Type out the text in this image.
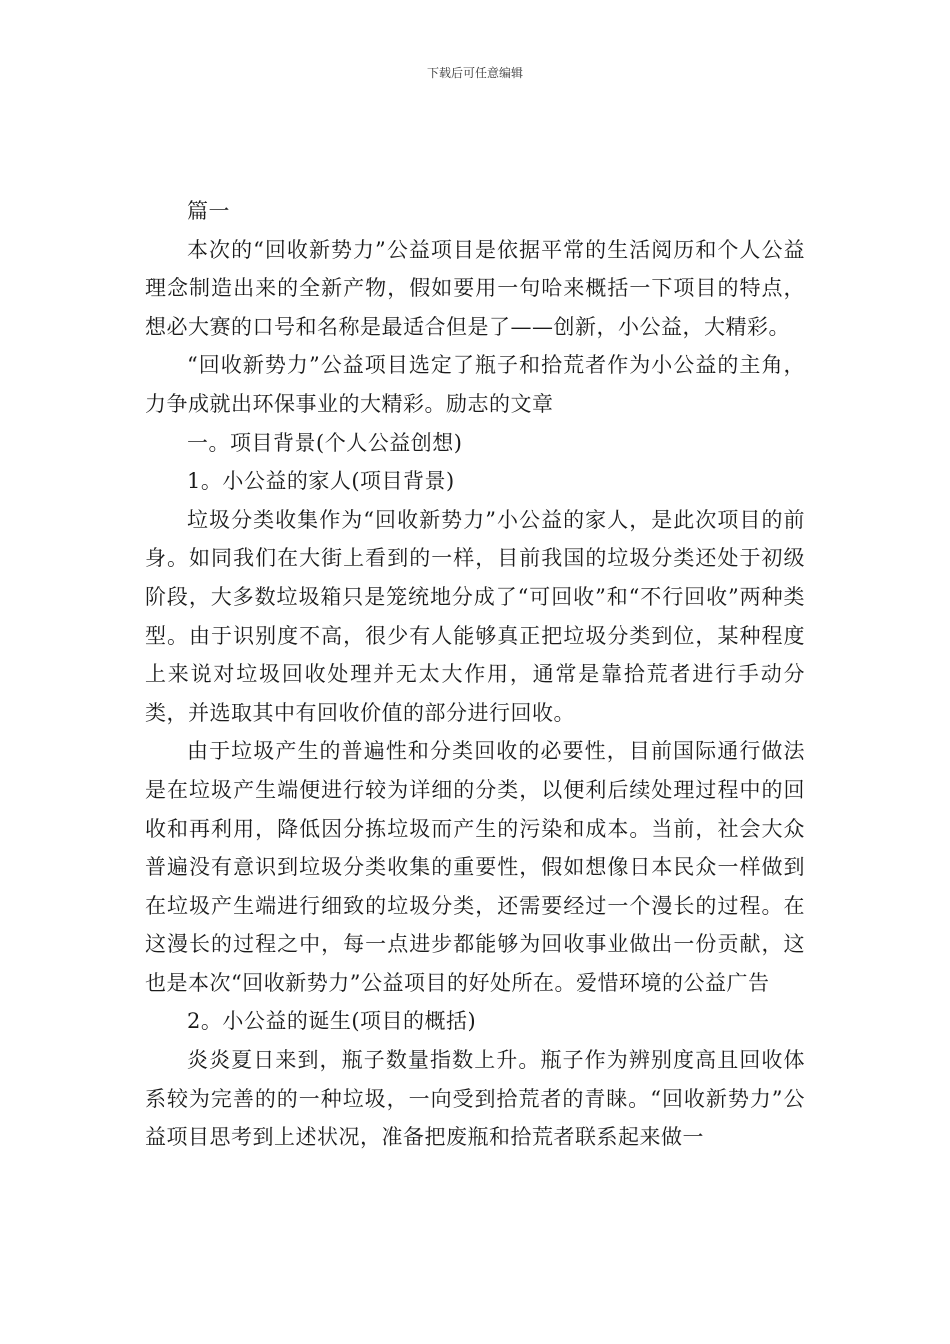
下载后可任意编辑

篇一

本次的“回收新势力”公益项目是依据平常的生活阅历和个人公益理念制造出来的全新产物，假如要用一句哈来概括一下项目的特点，想必大赛的口号和名称是最适合但是了——创新，小公益，大精彩。

“回收新势力”公益项目选定了瓶子和拾荒者作为小公益的主角，力争成就出环保事业的大精彩。励志的文章

一。项目背景(个人公益创想)

1。小公益的家人(项目背景)

垃圾分类收集作为“回收新势力”小公益的家人，是此次项目的前身。如同我们在大街上看到的一样，目前我国的垃圾分类还处于初级阶段，大多数垃圾箱只是笼统地分成了“可回收”和“不行回收”两种类型。由于识别度不高，很少有人能够真正把垃圾分类到位，某种程度上来说对垃圾回收处理并无太大作用，通常是靠拾荒者进行手动分类，并选取其中有回收价值的部分进行回收。

由于垃圾产生的普遍性和分类回收的必要性，目前国际通行做法是在垃圾产生端便进行较为详细的分类，以便利后续处理过程中的回收和再利用，降低因分拣垃圾而产生的污染和成本。当前，社会大众普遍没有意识到垃圾分类收集的重要性，假如想像日本民众一样做到在垃圾产生端进行细致的垃圾分类，还需要经过一个漫长的过程。在这漫长的过程之中，每一点进步都能够为回收事业做出一份贡献，这也是本次“回收新势力”公益项目的好处所在。爱惜环境的公益广告

2。小公益的诞生(项目的概括)

炎炎夏日来到，瓶子数量指数上升。瓶子作为辨别度高且回收体系较为完善的的一种垃圾，一向受到拾荒者的青睐。“回收新势力”公益项目思考到上述状况，准备把废瓶和拾荒者联系起来做一
